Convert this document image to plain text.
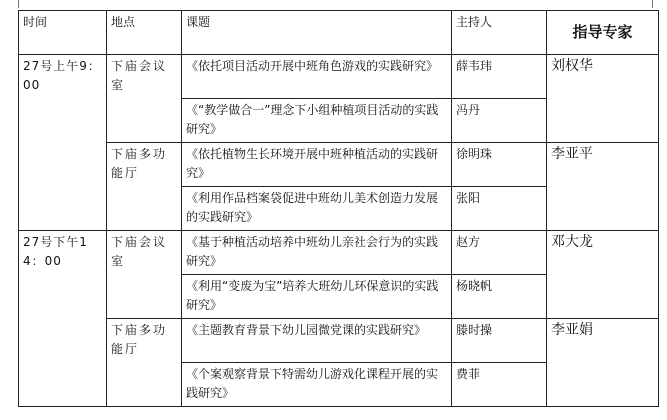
时间	地点	课题	主持人	指导专家
27号上午9：00	下庙会议室	《依托项目活动开展中班角色游戏的实践研究》	薛韦玮	刘权华
		《“教学做合一”理念下小组种植项目活动的实践研究》	冯丹	
	下庙多功能厅	《依托植物生长环境开展中班种植活动的实践研究》	徐明珠	李亚平
		《利用作品档案袋促进中班幼儿美术创造力发展的实践研究》	张阳	
27号下午14：00	下庙会议室	《基于种植活动培养中班幼儿亲社会行为的实践研究》	赵方	邓大龙
		《利用“变废为宝”培养大班幼儿环保意识的实践研究》	杨晓帆	
	下庙多功能厅	《主题教育背景下幼儿园微党课的实践研究》	滕时操	李亚娟
		《个案观察背景下特需幼儿游戏化课程开展的实践研究》	费菲	
